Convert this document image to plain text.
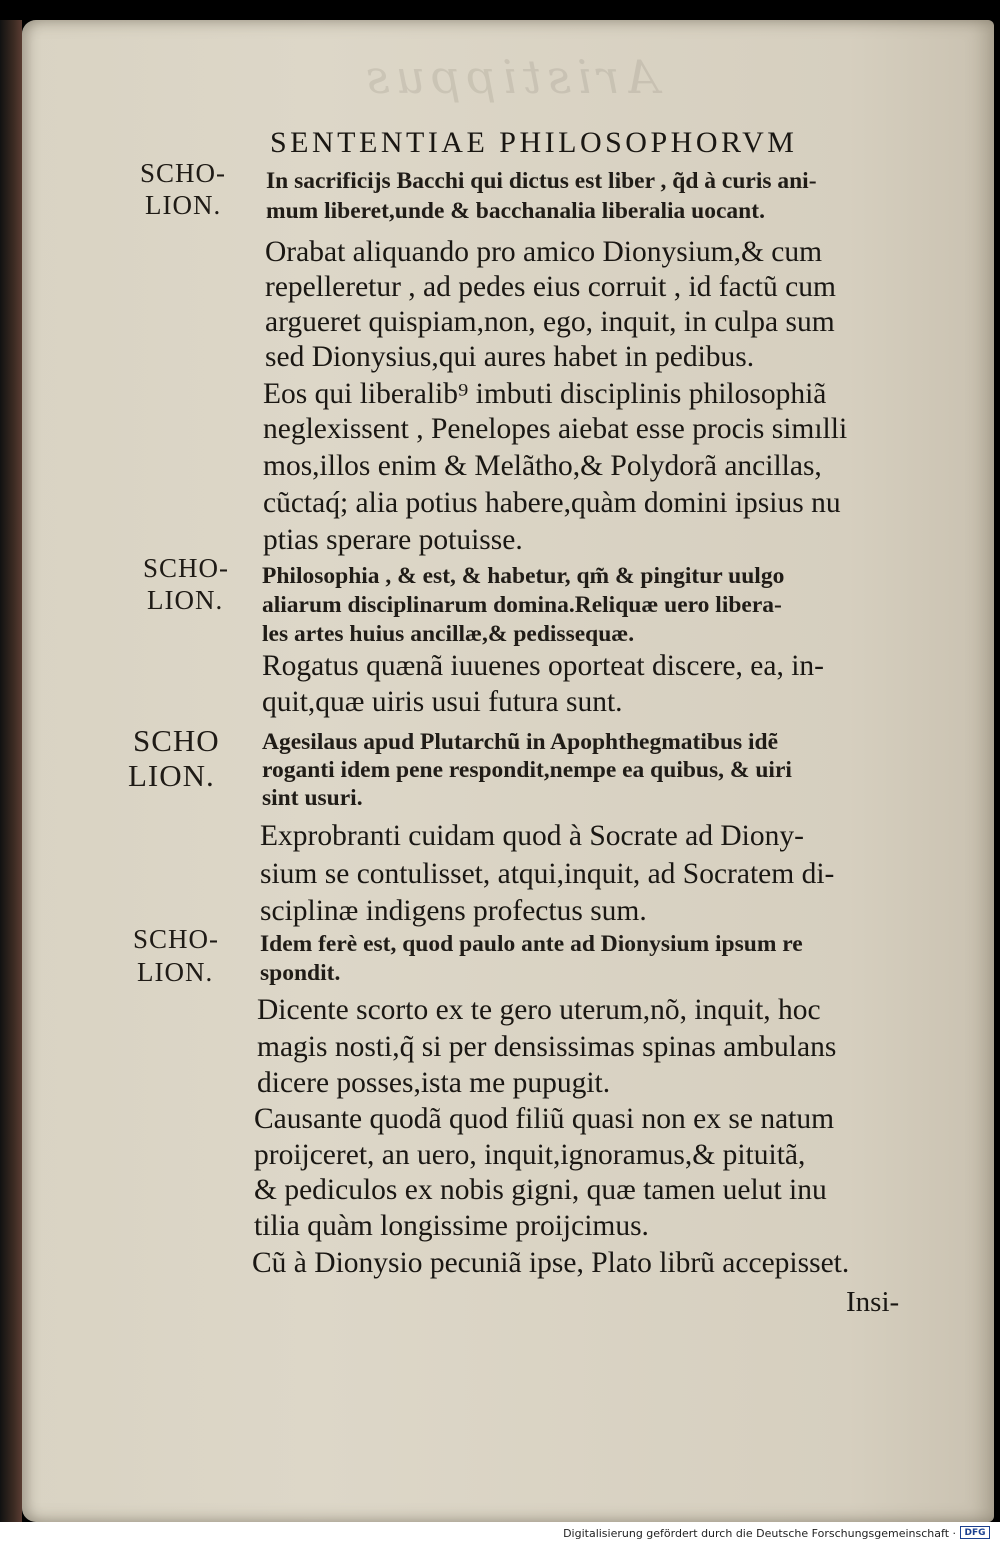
Aristippus
SENTENTIAE PHILOSOPHORVM
SCHO-
LION.
In sacrificijs Bacchi qui dictus est liber , q̃d à curis ani-
mum liberet,unde & bacchanalia liberalia uocant.
Orabat aliquando pro amico Dionysium,& cum
repelleretur , ad pedes eius corruit , id factũ cum
argueret quispiam,non, ego, inquit, in culpa sum
sed Dionysius,qui aures habet in pedibus.
Eos qui liberalib⁹ imbuti disciplinis philosophiã
neglexissent , Penelopes aiebat esse procis simılli
mos,illos enim & Melãtho,& Polydorã ancillas,
cũctaq́; alia potius habere,quàm domini ipsius nu
ptias sperare potuisse.
SCHO-
LION.
Philosophia , & est, & habetur, qm̃ & pingitur uulgo
aliarum disciplinarum domina.Reliquæ uero libera-
les artes huius ancillæ,& pedissequæ.
Rogatus quænã iuuenes oporteat discere, ea, in-
quit,quæ uiris usui futura sunt.
SCHO
LION.
Agesilaus apud Plutarchũ in Apophthegmatibus idẽ
roganti idem pene respondit,nempe ea quibus, & uiri
sint usuri.
Exprobranti cuidam quod à Socrate ad Diony-
sium se contulisset, atqui,inquit, ad Socratem di-
sciplinæ indigens profectus sum.
SCHO-
LION.
Idem ferè est, quod paulo ante ad Dionysium ipsum re
spondit.
Dicente scorto ex te gero uterum,nõ, inquit, hoc
magis nosti,q̃ si per densissimas spinas ambulans
dicere posses,ista me pupugit.
Causante quodã quod filiũ quasi non ex se natum
proijceret, an uero, inquit,ignoramus,& pituitã,
& pediculos ex nobis gigni, quæ tamen uelut inu
tilia quàm longissime proijcimus.
Cũ à Dionysio pecuniã ipse, Plato librũ accepisset.
Insi-
Digitalisierung gefördert durch die Deutsche Forschungsgemeinschaft · DFG
